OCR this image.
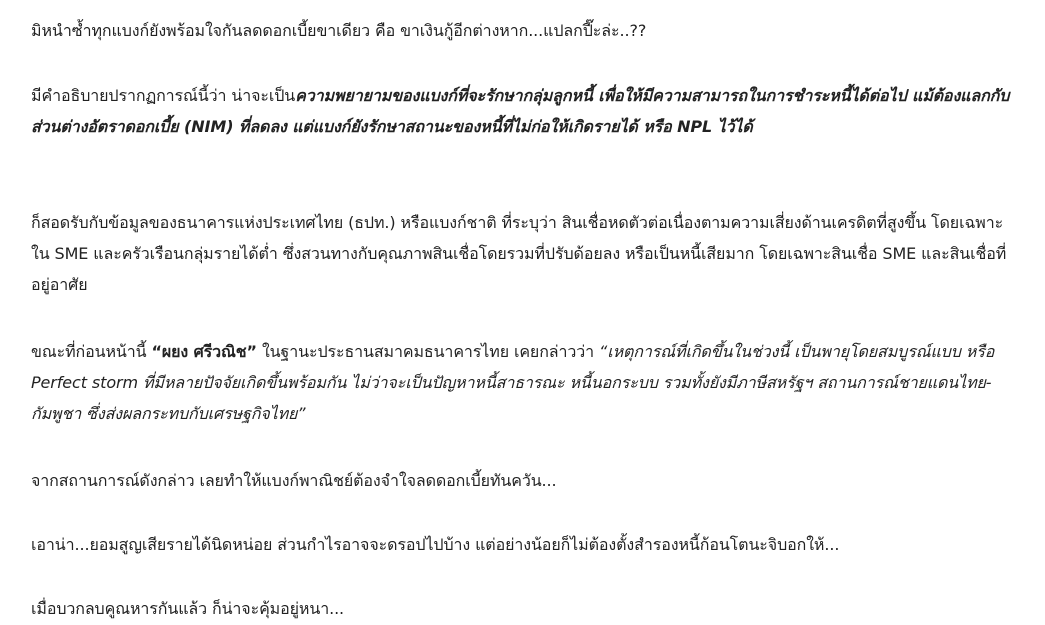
มิหนำซ้ำทุกแบงก์ยังพร้อมใจกันลดดอกเบี้ยขาเดียว คือ ขาเงินกู้อีกต่างหาก...แปลกปี๊ะล่ะ..??

มีคำอธิบายปรากฏการณ์นี้ว่า น่าจะเป็นความพยายามของแบงก์ที่จะรักษากลุ่มลูกหนี้ เพื่อให้มีความสามารถในการชำระหนี้ได้ต่อไป แม้ต้องแลกกับส่วนต่างอัตราดอกเบี้ย (NIM) ที่ลดลง แต่แบงก์ยังรักษาสถานะของหนี้ที่ไม่ก่อให้เกิดรายได้ หรือ NPL ไว้ได้

ก็สอดรับกับข้อมูลของธนาคารแห่งประเทศไทย (ธปท.) หรือแบงก์ชาติ ที่ระบุว่า สินเชื่อหดตัวต่อเนื่องตามความเสี่ยงด้านเครดิตที่สูงขึ้น โดยเฉพาะใน SME และครัวเรือนกลุ่มรายได้ต่ำ ซึ่งสวนทางกับคุณภาพสินเชื่อโดยรวมที่ปรับด้อยลง หรือเป็นหนี้เสียมาก โดยเฉพาะสินเชื่อ SME และสินเชื่อที่อยู่อาศัย

ขณะที่ก่อนหน้านี้ “ผยง ศรีวณิช” ในฐานะประธานสมาคมธนาคารไทย เคยกล่าวว่า “เหตุการณ์ที่เกิดขึ้นในช่วงนี้ เป็นพายุโดยสมบูรณ์แบบ หรือ Perfect storm ที่มีหลายปัจจัยเกิดขึ้นพร้อมกัน ไม่ว่าจะเป็นปัญหาหนี้สาธารณะ หนี้นอกระบบ รวมทั้งยังมีภาษีสหรัฐฯ สถานการณ์ชายแดนไทย-กัมพูชา ซึ่งส่งผลกระทบกับเศรษฐกิจไทย”

จากสถานการณ์ดังกล่าว เลยทำให้แบงก์พาณิชย์ต้องจำใจลดดอกเบี้ยทันควัน...

เอาน่า...ยอมสูญเสียรายได้นิดหน่อย ส่วนกำไรอาจจะดรอปไปบ้าง แต่อย่างน้อยก็ไม่ต้องตั้งสำรองหนี้ก้อนโตนะจิบอกให้...

เมื่อบวกลบคูณหารกันแล้ว ก็น่าจะคุ้มอยู่หนา...
